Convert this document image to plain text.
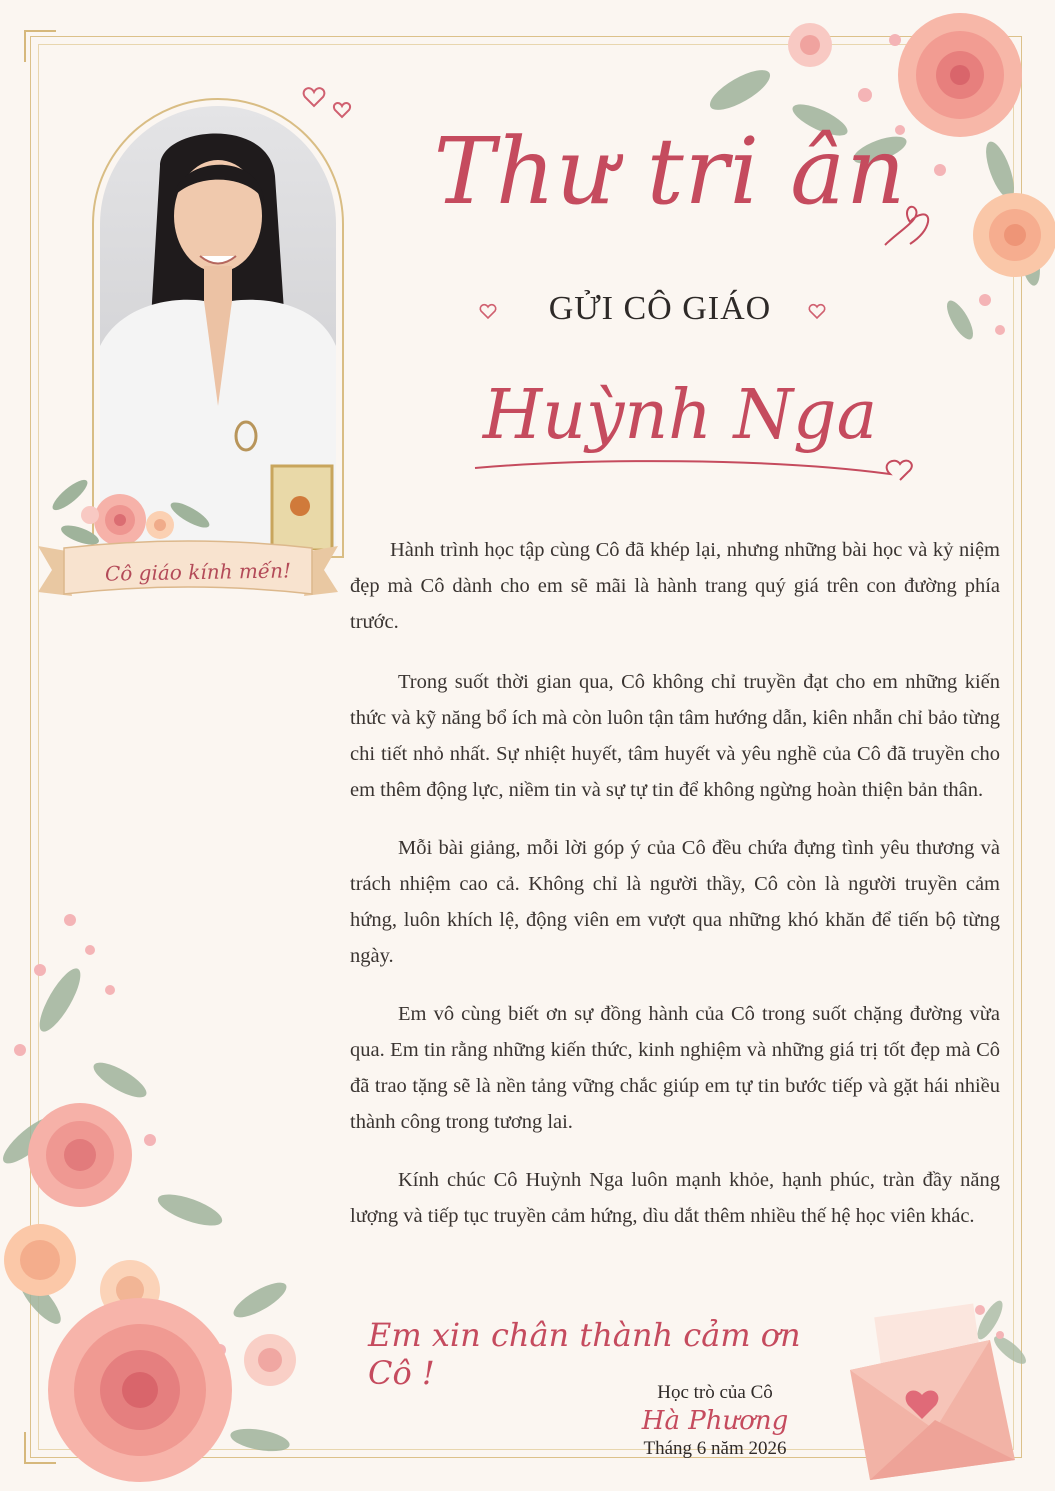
Cô giáo kính mến!
Thư tri ân
GỬI CÔ GIÁO
Huỳnh Nga

Hành trình học tập cùng Cô đã khép lại, nhưng những bài học và kỷ niệm đẹp mà Cô dành cho em sẽ mãi là hành trang quý giá trên con đường phía trước.

Trong suốt thời gian qua, Cô không chỉ truyền đạt cho em những kiến thức và kỹ năng bổ ích mà còn luôn tận tâm hướng dẫn, kiên nhẫn chỉ bảo từng chi tiết nhỏ nhất. Sự nhiệt huyết, tâm huyết và yêu nghề của Cô đã truyền cho em thêm động lực, niềm tin và sự tự tin để không ngừng hoàn thiện bản thân.

Mỗi bài giảng, mỗi lời góp ý của Cô đều chứa đựng tình yêu thương và trách nhiệm cao cả. Không chỉ là người thầy, Cô còn là người truyền cảm hứng, luôn khích lệ, động viên em vượt qua những khó khăn để tiến bộ từng ngày.

Em vô cùng biết ơn sự đồng hành của Cô trong suốt chặng đường vừa qua. Em tin rằng những kiến thức, kinh nghiệm và những giá trị tốt đẹp mà Cô đã trao tặng sẽ là nền tảng vững chắc giúp em tự tin bước tiếp và gặt hái nhiều thành công trong tương lai.

Kính chúc Cô Huỳnh Nga luôn mạnh khỏe, hạnh phúc, tràn đầy năng lượng và tiếp tục truyền cảm hứng, dìu dắt thêm nhiều thế hệ học viên khác.

Em xin chân thành cảm ơn Cô !
Học trò của Cô
Hà Phương
Tháng 6 năm 2026
